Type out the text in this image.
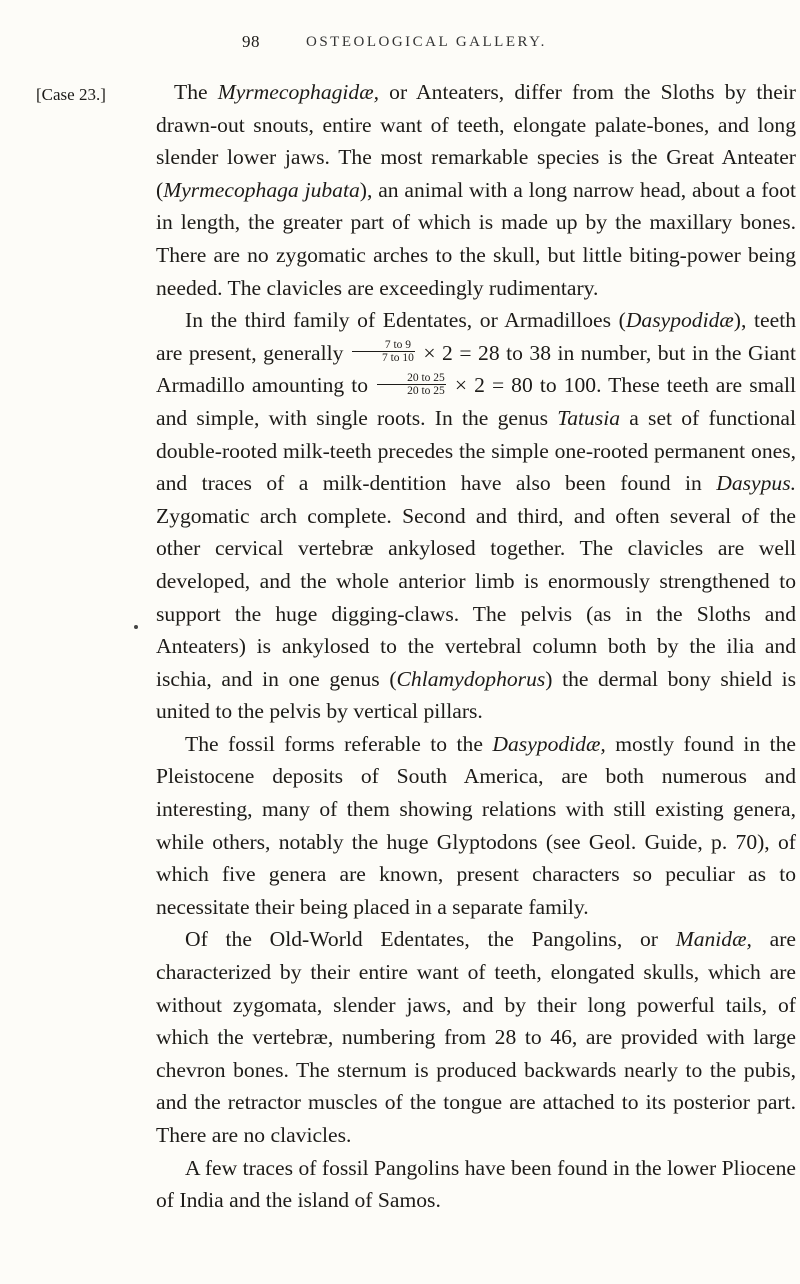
98	OSTEOLOGICAL GALLERY.
[Case 23.]	The Myrmecophagidæ, or Anteaters, differ from the Sloths by their drawn-out snouts, entire want of teeth, elongate palate-bones, and long slender lower jaws. The most remarkable species is the Great Anteater (Myrmecophaga jubata), an animal with a long narrow head, about a foot in length, the greater part of which is made up by the maxillary bones. There are no zygomatic arches to the skull, but little biting-power being needed. The clavicles are exceedingly rudimentary.

In the third family of Edentates, or Armadilloes (Dasypodidæ), teeth are present, generally $\frac{7 to 9}{7 to 10} \times 2 = 28$ to 38 in number, but in the Giant Armadillo amounting to $\frac{20 to 25}{20 to 25} \times 2 = 80$ to 100. These teeth are small and simple, with single roots. In the genus Tatusia a set of functional double-rooted milk-teeth precedes the simple one-rooted permanent ones, and traces of a milk-dentition have also been found in Dasypus. Zygomatic arch complete. Second and third, and often several of the other cervical vertebræ ankylosed together. The clavicles are well developed, and the whole anterior limb is enormously strengthened to support the huge digging-claws. The pelvis (as in the Sloths and Anteaters) is ankylosed to the vertebral column both by the ilia and ischia, and in one genus (Chlamydophorus) the dermal bony shield is united to the pelvis by vertical pillars.

The fossil forms referable to the Dasypodidæ, mostly found in the Pleistocene deposits of South America, are both numerous and interesting, many of them showing relations with still existing genera, while others, notably the huge Glyptodons (see Geol. Guide, p. 70), of which five genera are known, present characters so peculiar as to necessitate their being placed in a separate family.

Of the Old-World Edentates, the Pangolins, or Manidæ, are characterized by their entire want of teeth, elongated skulls, which are without zygomata, slender jaws, and by their long powerful tails, of which the vertebræ, numbering from 28 to 46, are provided with large chevron bones. The sternum is produced backwards nearly to the pubis, and the retractor muscles of the tongue are attached to its posterior part. There are no clavicles.

A few traces of fossil Pangolins have been found in the lower Pliocene of India and the island of Samos.
